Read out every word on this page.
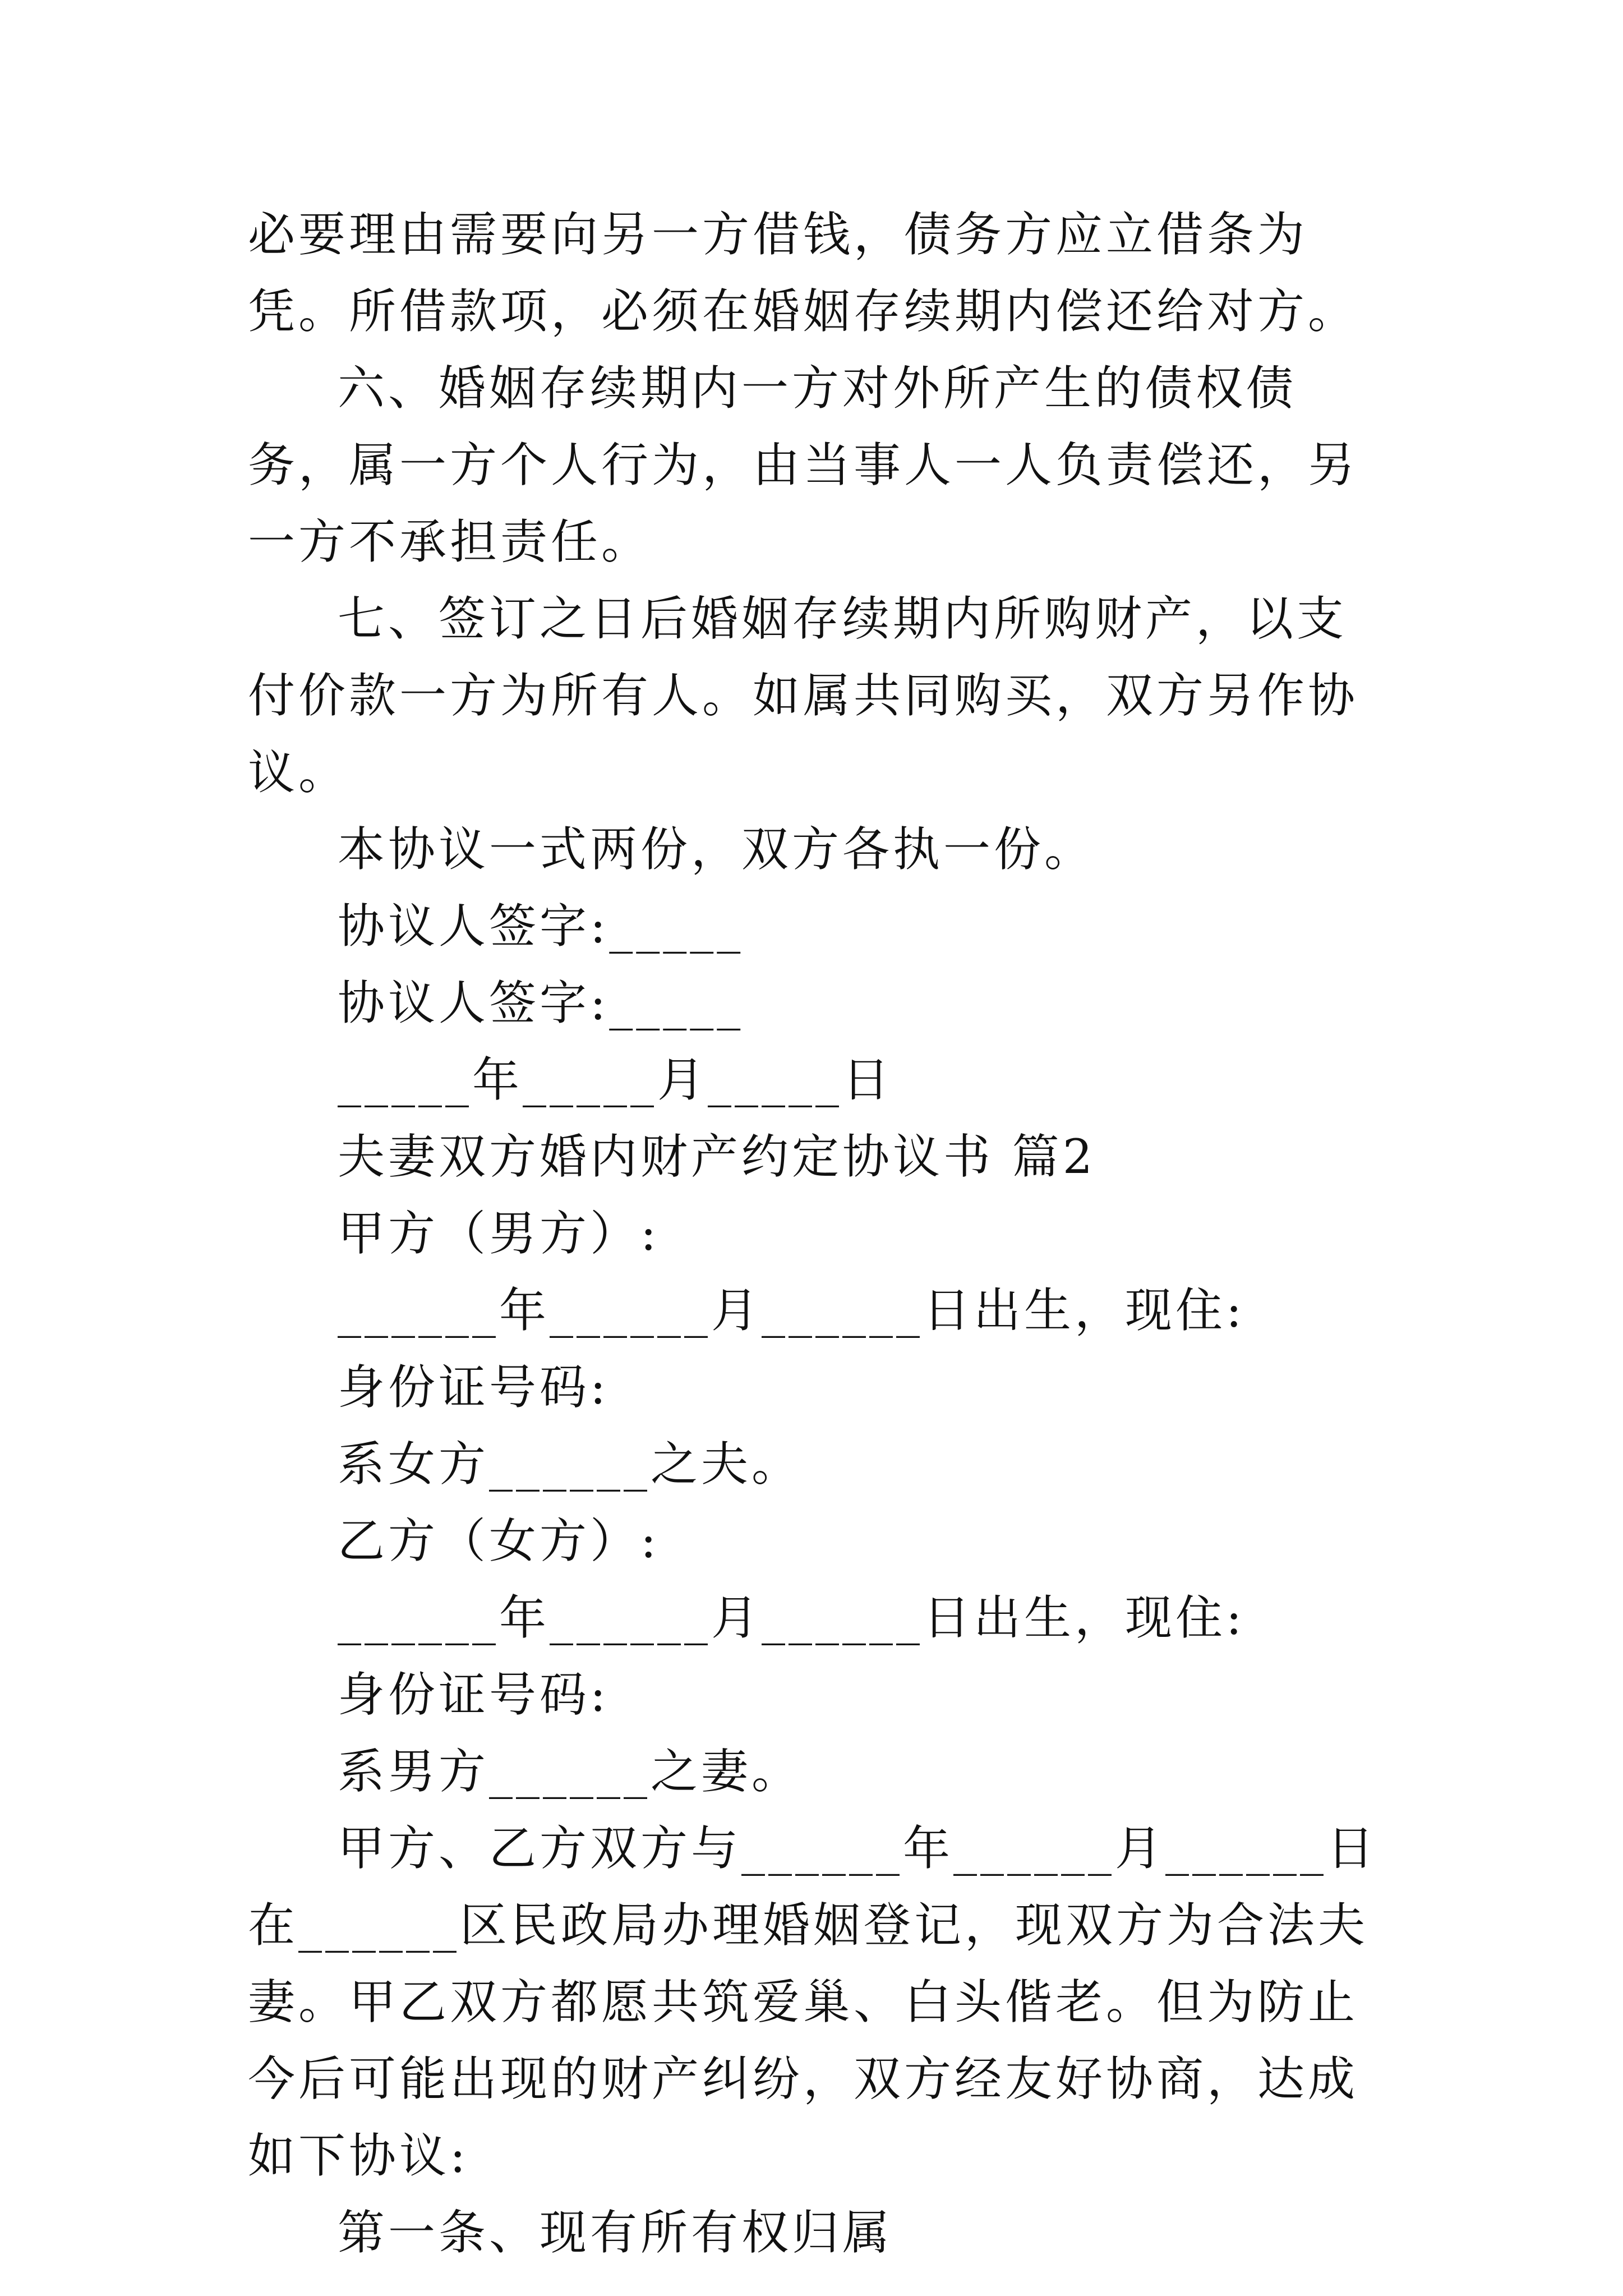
必要理由需要向另一方借钱，债务方应立借条为凭。所借款项，必须在婚姻存续期内偿还给对方。

六、婚姻存续期内一方对外所产生的债权债务，属一方个人行为，由当事人一人负责偿还，另一方不承担责任。

七、签订之日后婚姻存续期内所购财产，以支付价款一方为所有人。如属共同购买，双方另作协议。

本协议一式两份，双方各执一份。

协议人签字:_____

协议人签字:_____

_____年_____月_____日

夫妻双方婚内财产约定协议书 篇2

甲方（男方）:

______年______月______日出生，现住:

身份证号码:

系女方______之夫。

乙方（女方）:

______年______月______日出生，现住:

身份证号码:

系男方______之妻。

甲方、乙方双方与______年______月______日在______区民政局办理婚姻登记，现双方为合法夫妻。甲乙双方都愿共筑爱巢、白头偕老。但为防止今后可能出现的财产纠纷，双方经友好协商，达成如下协议:

第一条、现有所有权归属
